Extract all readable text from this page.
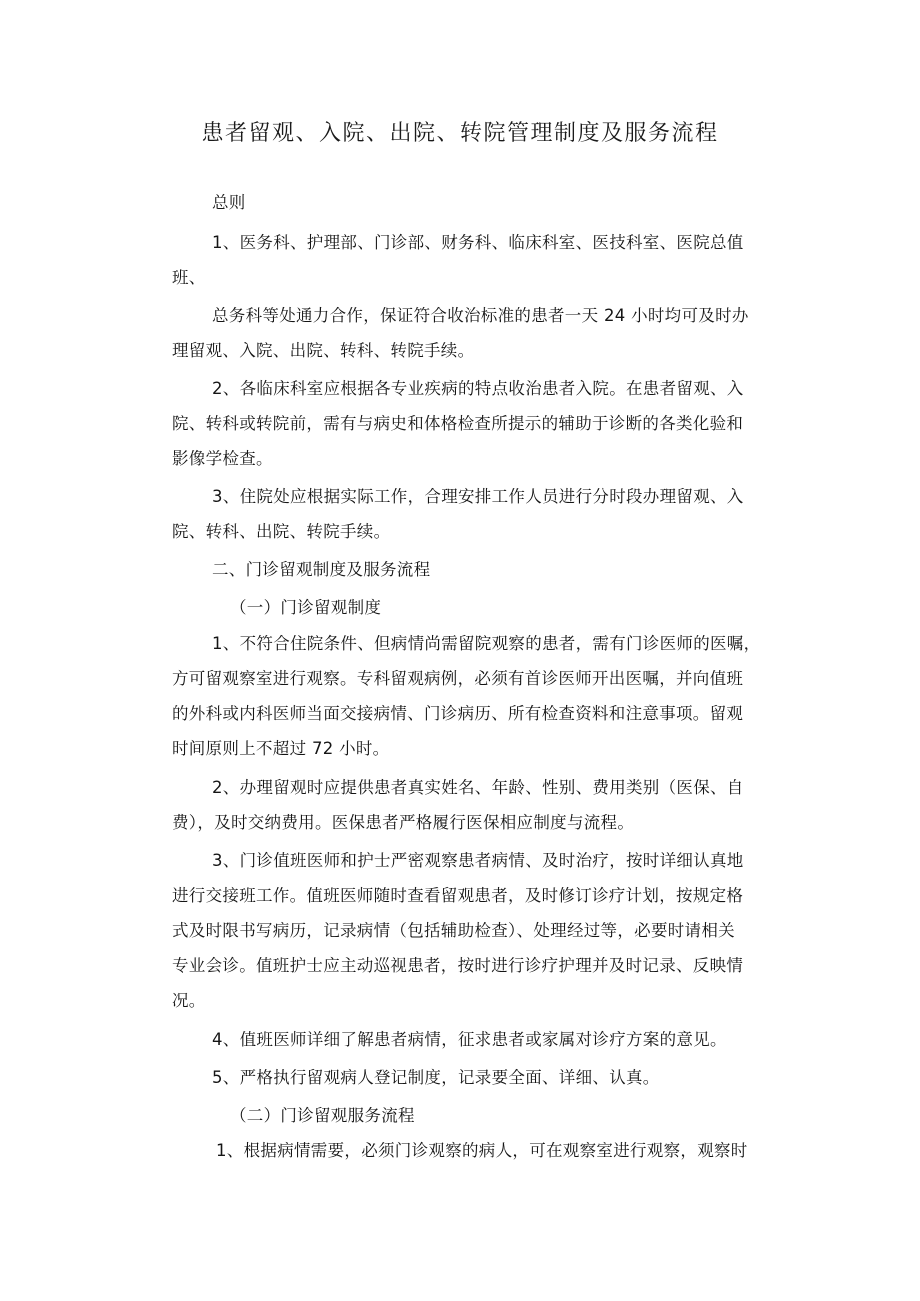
患者留观、入院、出院、转院管理制度及服务流程
总则
1、医务科、护理部、门诊部、财务科、临床科室、医技科室、医院总值
班、
总务科等处通力合作，保证符合收治标准的患者一天 24 小时均可及时办
理留观、入院、出院、转科、转院手续。
2、各临床科室应根据各专业疾病的特点收治患者入院。在患者留观、入
院、转科或转院前，需有与病史和体格检查所提示的辅助于诊断的各类化验和
影像学检查。
3、住院处应根据实际工作，合理安排工作人员进行分时段办理留观、入
院、转科、出院、转院手续。
二、门诊留观制度及服务流程
（一）门诊留观制度
1、不符合住院条件、但病情尚需留院观察的患者，需有门诊医师的医嘱，
方可留观察室进行观察。专科留观病例，必须有首诊医师开出医嘱，并向值班
的外科或内科医师当面交接病情、门诊病历、所有检查资料和注意事项。留观
时间原则上不超过 72 小时。
2、办理留观时应提供患者真实姓名、年龄、性别、费用类别（医保、自
费），及时交纳费用。医保患者严格履行医保相应制度与流程。
3、门诊值班医师和护士严密观察患者病情、及时治疗，按时详细认真地
进行交接班工作。值班医师随时查看留观患者，及时修订诊疗计划，按规定格
式及时限书写病历，记录病情（包括辅助检查）、处理经过等，必要时请相关
专业会诊。值班护士应主动巡视患者，按时进行诊疗护理并及时记录、反映情
况。
4、值班医师详细了解患者病情，征求患者或家属对诊疗方案的意见。
5、严格执行留观病人登记制度，记录要全面、详细、认真。
（二）门诊留观服务流程
1、根据病情需要，必须门诊观察的病人，可在观察室进行观察，观察时
